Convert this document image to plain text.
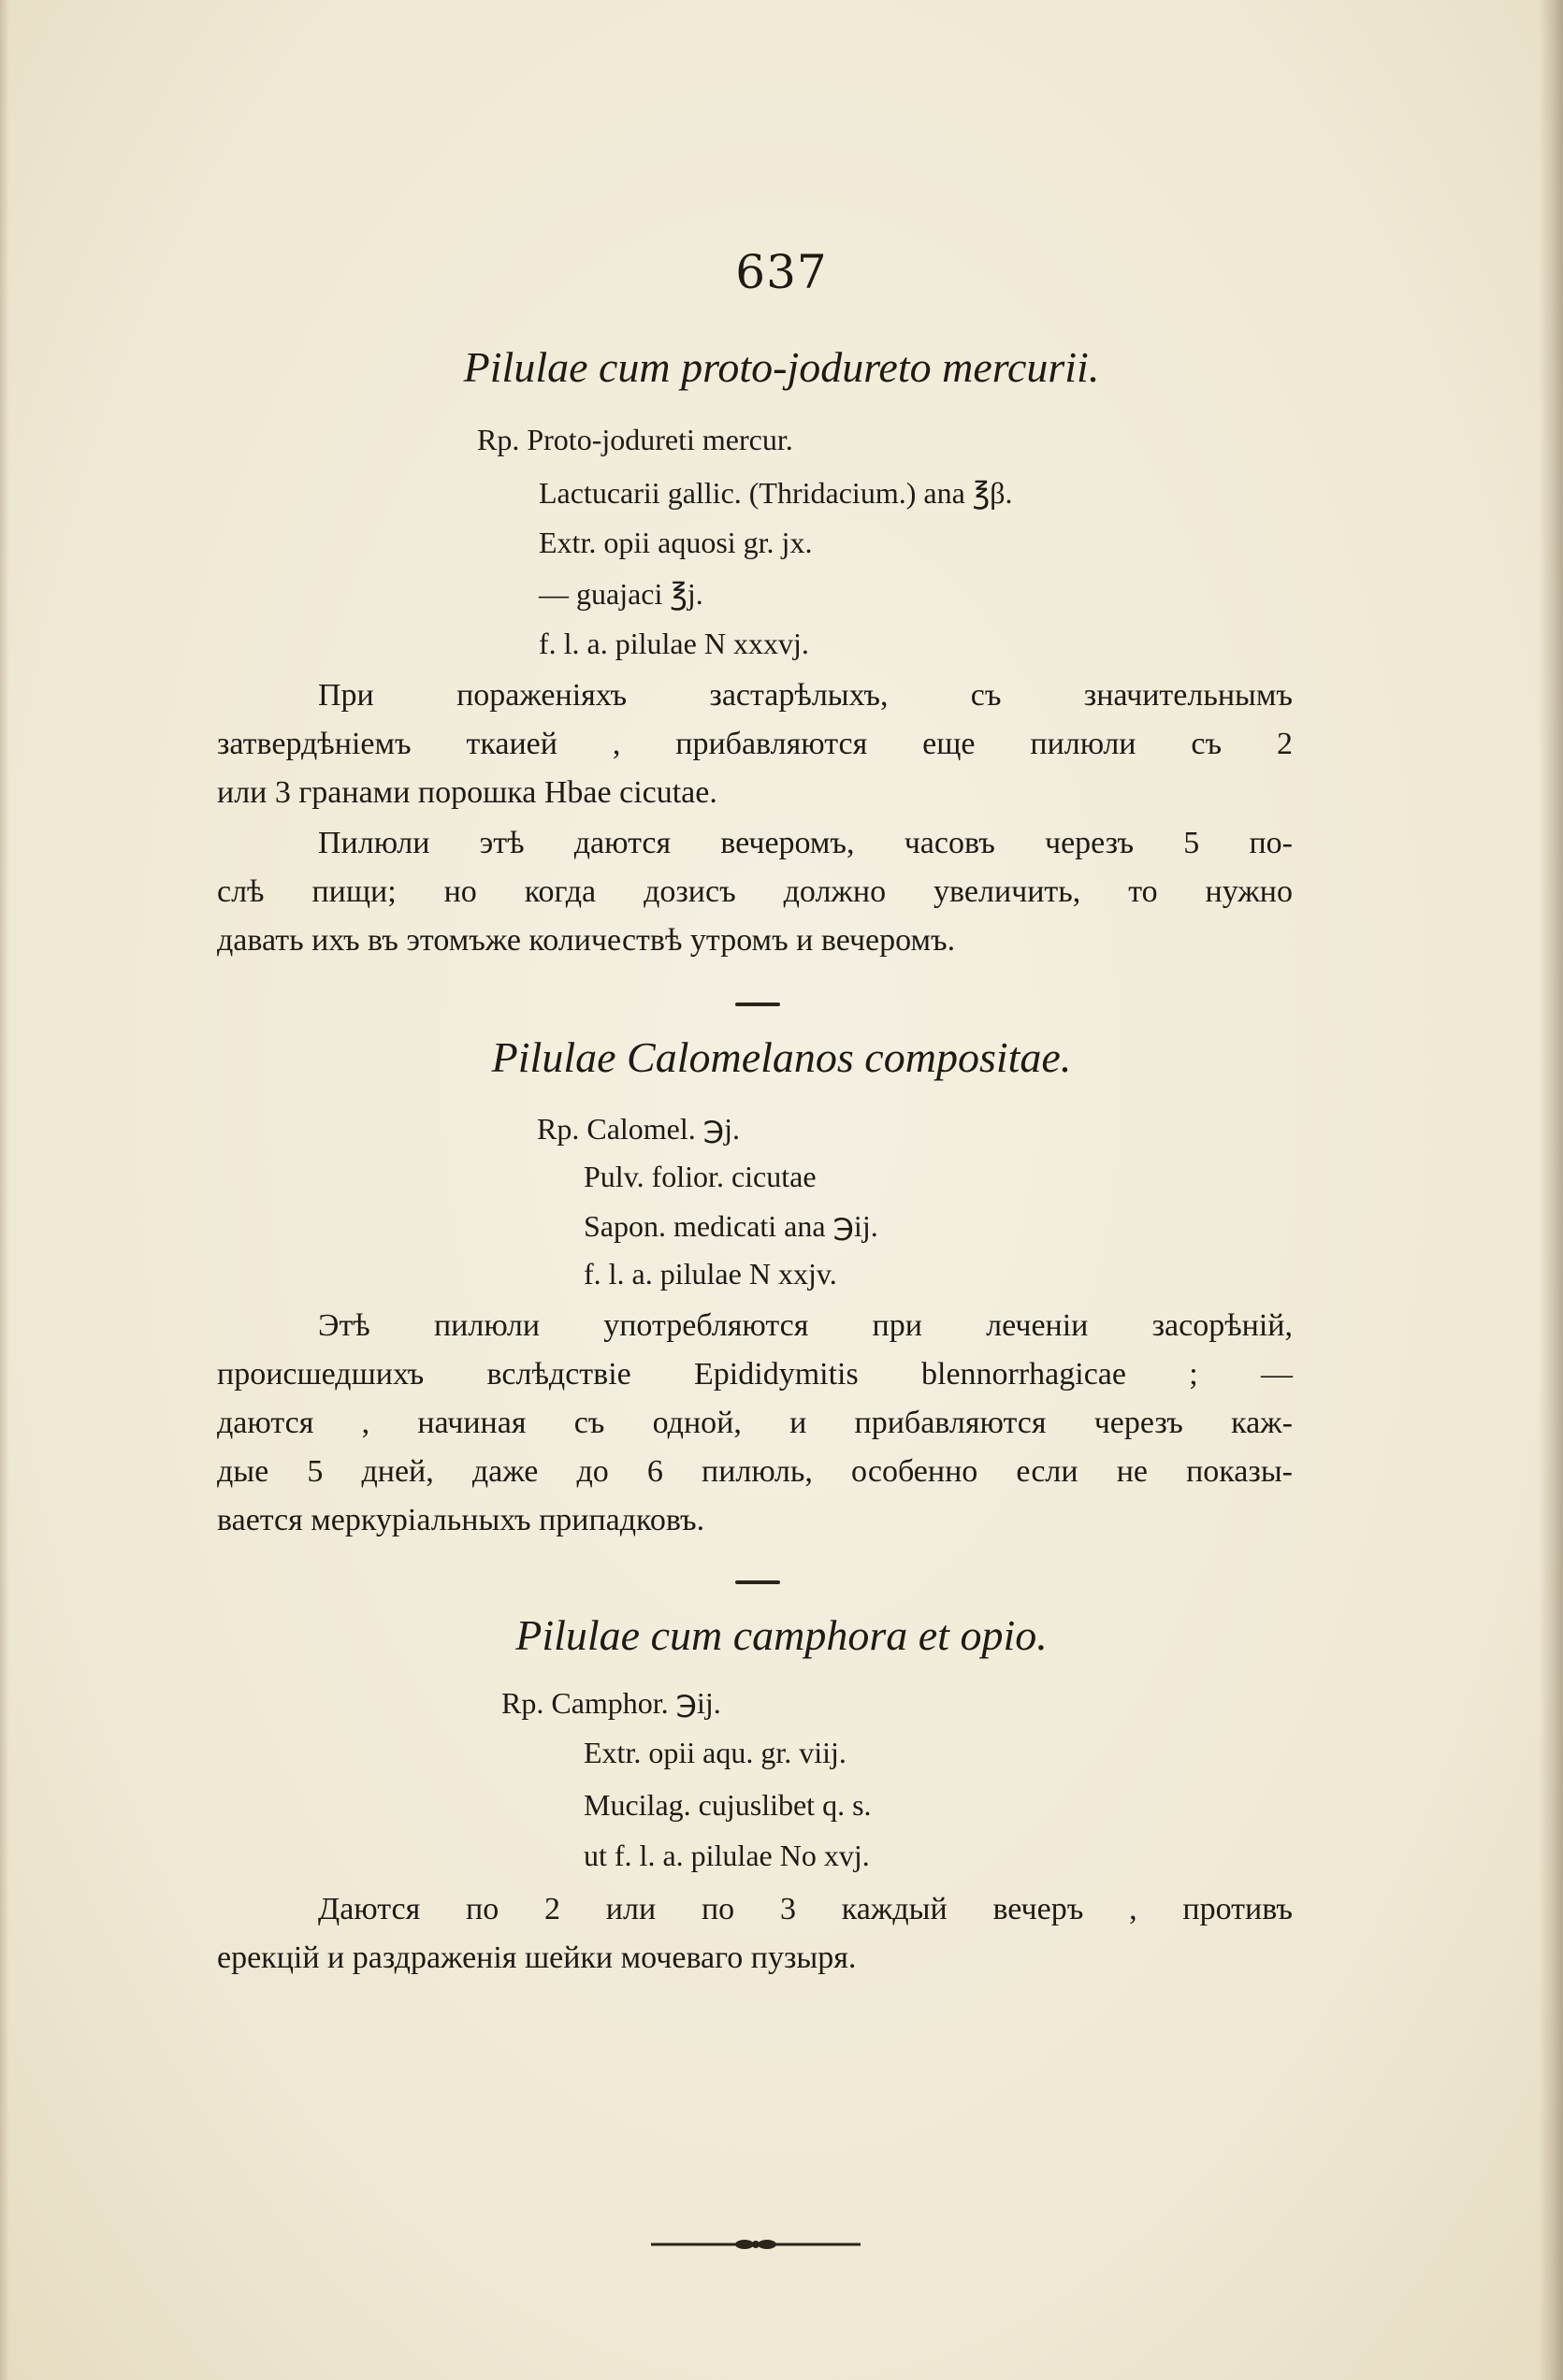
637
Pilulae cum proto-jodureto mercurii.
Rp. Proto-jodureti mercur.
Lactucarii gallic. (Thridacium.) ana ℥β.
Extr. opii aquosi gr. jx.
— guajaci ℥j.
f. l. a. pilulae N xxxvj.
При пораженіяхъ застарѣлыхъ, съ значительнымъ
затвердѣніемъ ткаией , прибавляются еще пилюли съ 2
или 3 гранами порошка Hbae cicutae.
Пилюли этѣ даются вечеромъ, часовъ черезъ 5 по-
слѣ пищи; но когда дозисъ должно увеличить, то нужно
давать ихъ въ этомъже количествѣ утромъ и вечеромъ.
Pilulae Calomelanos compositae.
Rp. Calomel. ℈j.
Pulv. folior. cicutae
Sapon. medicati ana ℈ij.
f. l. a. pilulae N xxjv.
Этѣ пилюли употребляются при леченіи засорѣній,
происшедшихъ вслѣдствіе Epididymitis blennorrhagicae ; —
даются , начиная съ одной, и прибавляются черезъ каж-
дые 5 дней, даже до 6 пилюль, особенно если не показы-
вается меркуріальныхъ припадковъ.
Pilulae cum camphora et opio.
Rp. Camphor. ℈ij.
Extr. opii aqu. gr. viij.
Mucilag. cujuslibet q. s.
ut f. l. a. pilulae No xvj.
Даются по 2 или по 3 каждый вечеръ , противъ
ерекцій и раздраженія шейки мочеваго пузыря.
